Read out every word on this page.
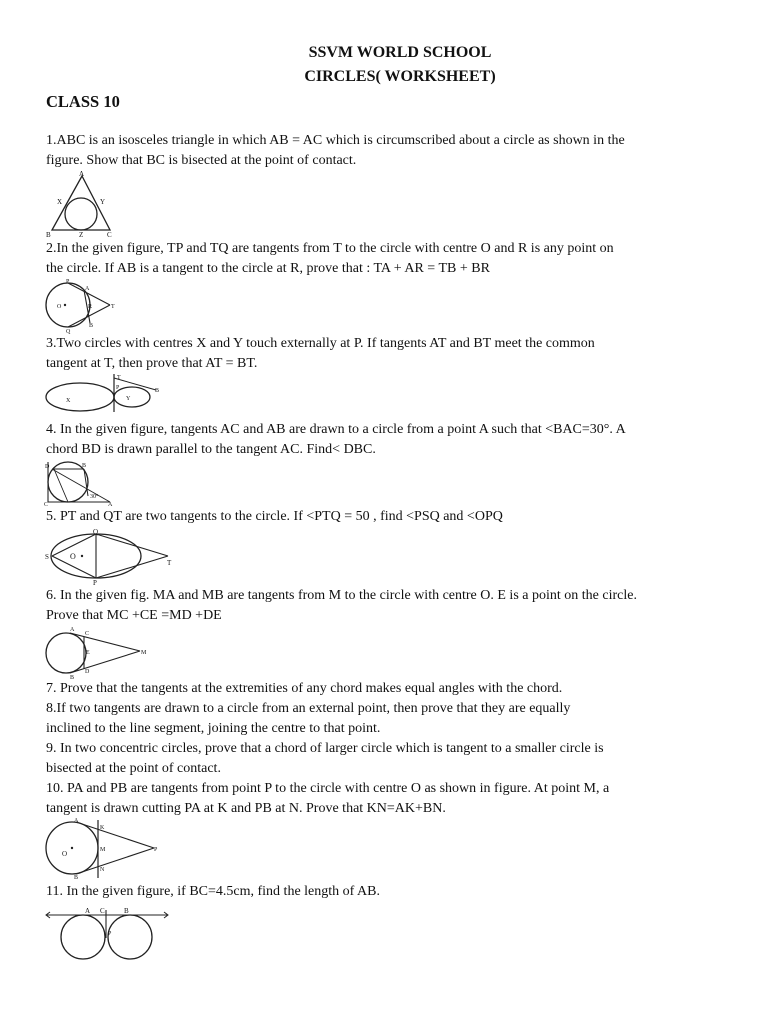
SSVM WORLD SCHOOL
CIRCLES( WORKSHEET)
CLASS 10
1.ABC is an isosceles triangle in which AB = AC which is circumscribed about a circle as shown in the
figure. Show that BC is bisected at the point of contact.
A
X	Y
B	Z	C
2.In the given figure, TP and TQ are tangents from T to the circle with centre O and R is any point on
the circle. If AB is a tangent to the circle at R, prove that : TA + AR = TB + BR
O
P
A
R
B
Q
T
3.Two circles with centres X and Y touch externally at P. If tangents AT and BT meet the common
tangent at T, then prove that AT = BT.
T
P
X	Y
B
4. In the given figure, tangents AC and AB are drawn to a circle from a point A such that <BAC=30°. A
chord BD is drawn parallel to the tangent AC. Find< DBC.
D
C
B
30°
A
5. PT and QT are two tangents to the circle. If <PTQ = 50 , find <PSQ and <OPQ
Q
S	O
T
P
6. In the given fig. MA and MB are tangents from M to the circle with centre O. E is a point on the circle.
Prove that MC +CE =MD +DE
A
C
E
D
B
M
7. Prove that the tangents at the extremities of any chord makes equal angles with the chord.
8.If two tangents are drawn to a circle from an external point, then prove that they are equally
inclined to the line segment, joining the centre to that point.
9. In two concentric circles, prove that a chord of larger circle which is tangent to a smaller circle is
bisected at the point of contact.
10. PA and PB are tangents from point P to the circle with centre O as shown in figure. At point M, a
tangent is drawn cutting PA at K and PB at N. Prove that KN=AK+BN.
A
K
O	M	P
B
N
11. In the given figure, if BC=4.5cm, find the length of AB.
A C	B
P
